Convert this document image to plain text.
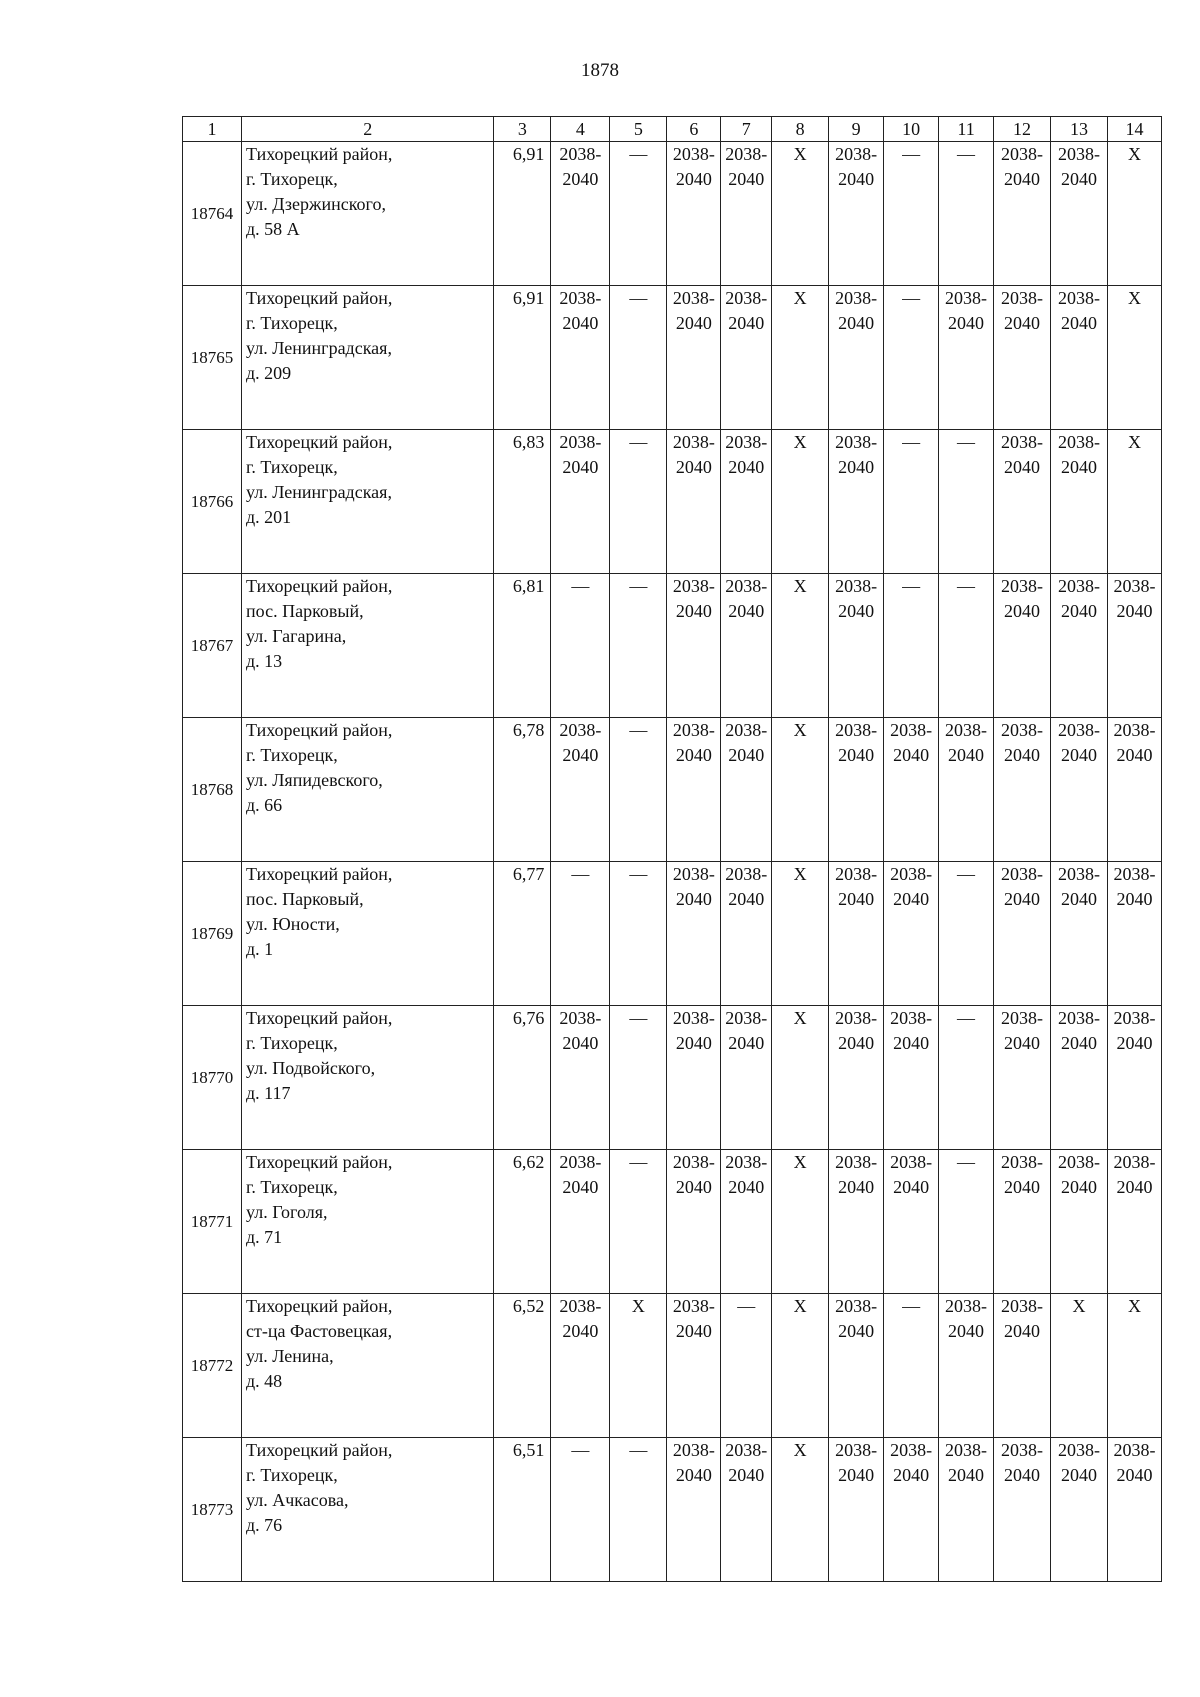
1878
1	2	3	4	5	6	7	8	9	10	11	12	13	14
18764	Тихорецкий район,
г. Тихорецк,
ул. Дзержинского,
д. 58 А	6,91	2038-
2040	—	2038-
2040	2038-
2040	X	2038-
2040	—	—	2038-
2040	2038-
2040	X
18765	Тихорецкий район,
г. Тихорецк,
ул. Ленинградская,
д. 209	6,91	2038-
2040	—	2038-
2040	2038-
2040	X	2038-
2040	—	2038-
2040	2038-
2040	2038-
2040	X
18766	Тихорецкий район,
г. Тихорецк,
ул. Ленинградская,
д. 201	6,83	2038-
2040	—	2038-
2040	2038-
2040	X	2038-
2040	—	—	2038-
2040	2038-
2040	X
18767	Тихорецкий район,
пос. Парковый,
ул. Гагарина,
д. 13	6,81	—	—	2038-
2040	2038-
2040	X	2038-
2040	—	—	2038-
2040	2038-
2040	2038-
2040
18768	Тихорецкий район,
г. Тихорецк,
ул. Ляпидевского,
д. 66	6,78	2038-
2040	—	2038-
2040	2038-
2040	X	2038-
2040	2038-
2040	2038-
2040	2038-
2040	2038-
2040	2038-
2040
18769	Тихорецкий район,
пос. Парковый,
ул. Юности,
д. 1	6,77	—	—	2038-
2040	2038-
2040	X	2038-
2040	2038-
2040	—	2038-
2040	2038-
2040	2038-
2040
18770	Тихорецкий район,
г. Тихорецк,
ул. Подвойского,
д. 117	6,76	2038-
2040	—	2038-
2040	2038-
2040	X	2038-
2040	2038-
2040	—	2038-
2040	2038-
2040	2038-
2040
18771	Тихорецкий район,
г. Тихорецк,
ул. Гоголя,
д. 71	6,62	2038-
2040	—	2038-
2040	2038-
2040	X	2038-
2040	2038-
2040	—	2038-
2040	2038-
2040	2038-
2040
18772	Тихорецкий район,
ст-ца Фастовецкая,
ул. Ленина,
д. 48	6,52	2038-
2040	X	2038-
2040	—	X	2038-
2040	—	2038-
2040	2038-
2040	X	X
18773	Тихорецкий район,
г. Тихорецк,
ул. Ачкасова,
д. 76	6,51	—	—	2038-
2040	2038-
2040	X	2038-
2040	2038-
2040	2038-
2040	2038-
2040	2038-
2040	2038-
2040
